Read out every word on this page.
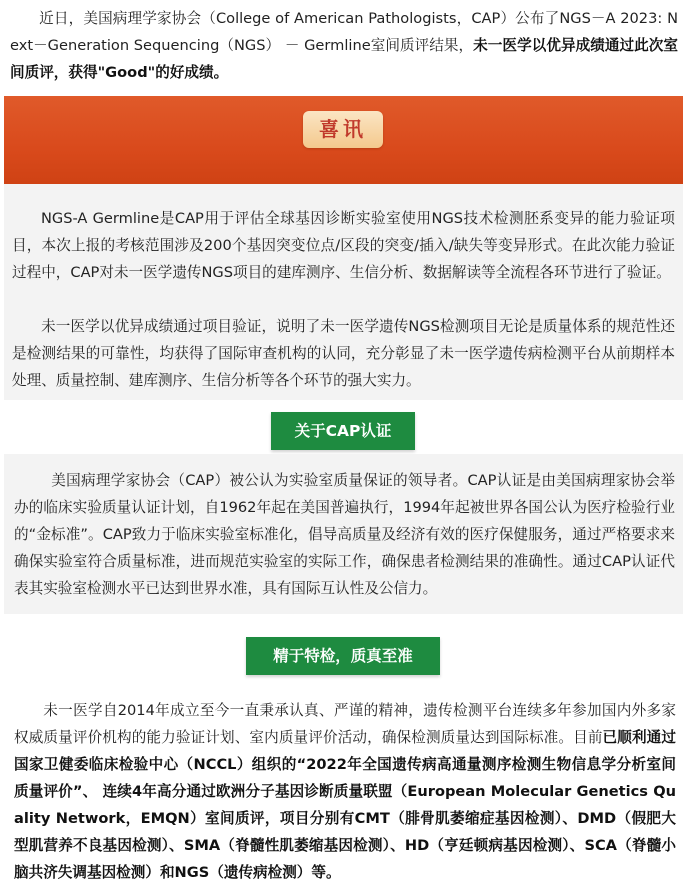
近日，美国病理学家协会（College of American Pathologists，CAP）公布了NGS－A 2023: Next－Generation Sequencing（NGS） － Germline室间质评结果，未一医学以优异成绩通过此次室间质评，获得"Good"的好成绩。
喜讯
NGS-A Germline是CAP用于评估全球基因诊断实验室使用NGS技术检测胚系变异的能力验证项目，本次上报的考核范围涉及200个基因突变位点/区段的突变/插入/缺失等变异形式。在此次能力验证过程中，CAP对未一医学遗传NGS项目的建库测序、生信分析、数据解读等全流程各环节进行了验证。
未一医学以优异成绩通过项目验证，说明了未一医学遗传NGS检测项目无论是质量体系的规范性还是检测结果的可靠性，均获得了国际审查机构的认同，充分彰显了未一医学遗传病检测平台从前期样本处理、质量控制、建库测序、生信分析等各个环节的强大实力。
关于CAP认证
美国病理学家协会（CAP）被公认为实验室质量保证的领导者。CAP认证是由美国病理家协会举办的临床实验质量认证计划，自1962年起在美国普遍执行，1994年起被世界各国公认为医疗检验行业的“金标准”。CAP致力于临床实验室标准化，倡导高质量及经济有效的医疗保健服务，通过严格要求来确保实验室符合质量标准，进而规范实验室的实际工作，确保患者检测结果的准确性。通过CAP认证代表其实验室检测水平已达到世界水准，具有国际互认性及公信力。
精于特检，质真至准
未一医学自2014年成立至今一直秉承认真、严谨的精神，遗传检测平台连续多年参加国内外多家权威质量评价机构的能力验证计划、室内质量评价活动，确保检测质量达到国际标准。目前已顺利通过国家卫健委临床检验中心（NCCL）组织的“2022年全国遗传病高通量测序检测生物信息学分析室间质量评价”、 连续4年高分通过欧洲分子基因诊断质量联盟（European Molecular Genetics Quality Network，EMQN）室间质评，项目分别有CMT（腓骨肌萎缩症基因检测）、DMD（假肥大型肌营养不良基因检测）、SMA（脊髓性肌萎缩基因检测）、HD（亨廷顿病基因检测）、SCA（脊髓小脑共济失调基因检测）和NGS（遗传病检测）等。
